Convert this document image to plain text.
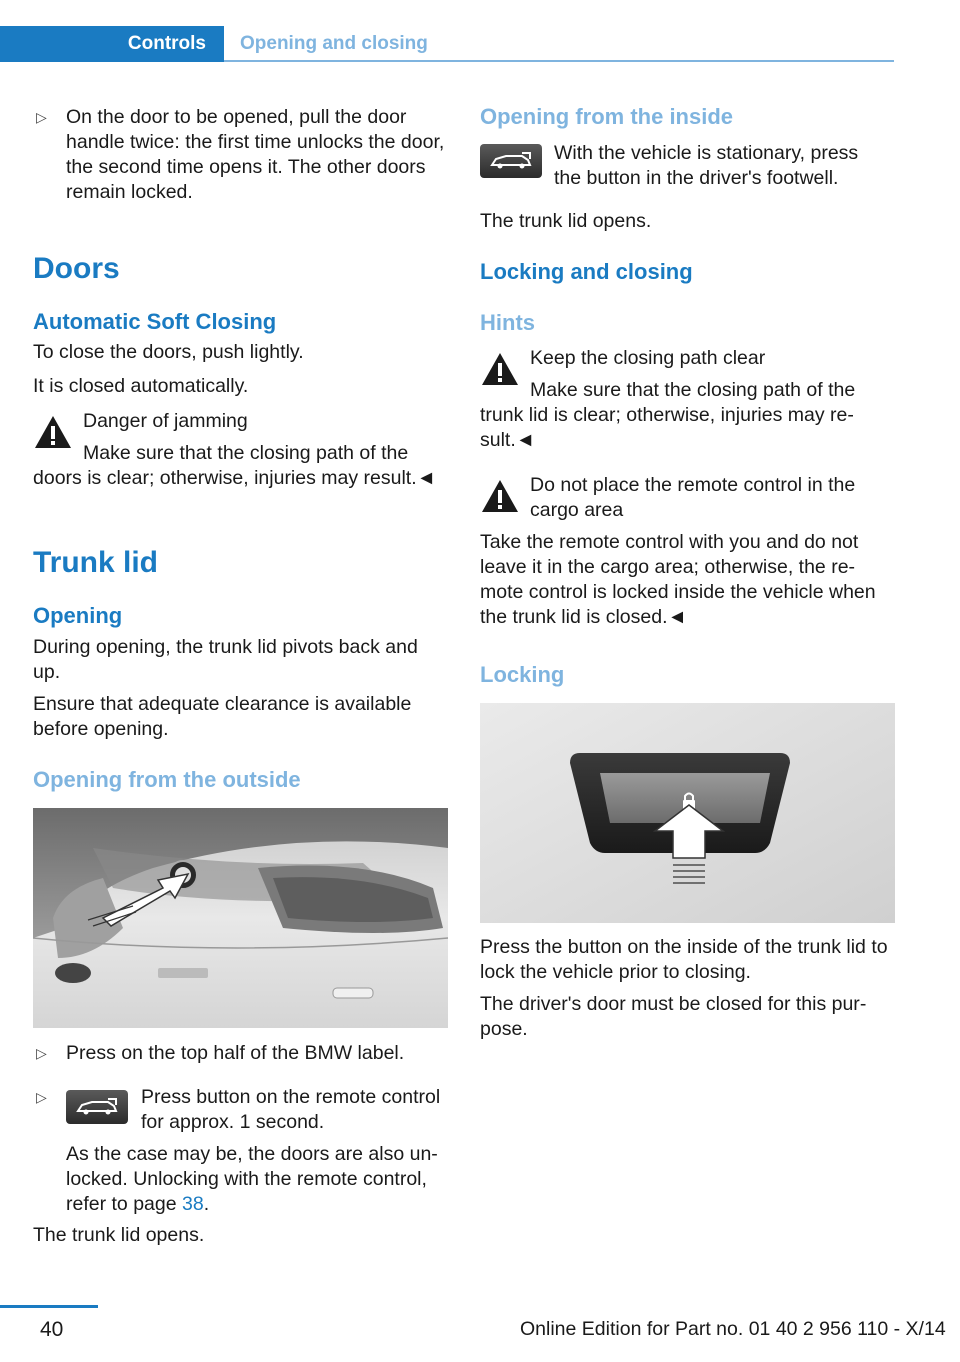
Controls Opening and closing
▷ On the door to be opened, pull the door handle twice: the first time unlocks the door, the second time opens it. The other doors remain locked.

Doors
Automatic Soft Closing

To close the doors, push lightly.

It is closed automatically.

Danger of jamming

Make sure that the closing path of the doors is clear; otherwise, injuries may result.◄

Trunk lid
Opening

During opening, the trunk lid pivots back and up.

Ensure that adequate clearance is available before opening.

Opening from the outside
▷ Press on the top half of the BMW label.

▷	Press button on the remote control for approx. 1 second.

As the case may be, the doors are also unlocked. Unlocking with the remote control, refer to page 38.

The trunk lid opens.

Opening from the inside

With the vehicle is stationary, press the button in the driver's footwell.

The trunk lid opens.

Locking and closing
Hints

Keep the closing path clear

Make sure that the closing path of the trunk lid is clear; otherwise, injuries may result.◄

Do not place the remote control in the cargo area

Take the remote control with you and do not leave it in the cargo area; otherwise, the remote control is locked inside the vehicle when the trunk lid is closed.◄

Locking

Press the button on the inside of the trunk lid to lock the vehicle prior to closing.

The driver's door must be closed for this purpose.

40	Online Edition for Part no. 01 40 2 956 110 - X/14
